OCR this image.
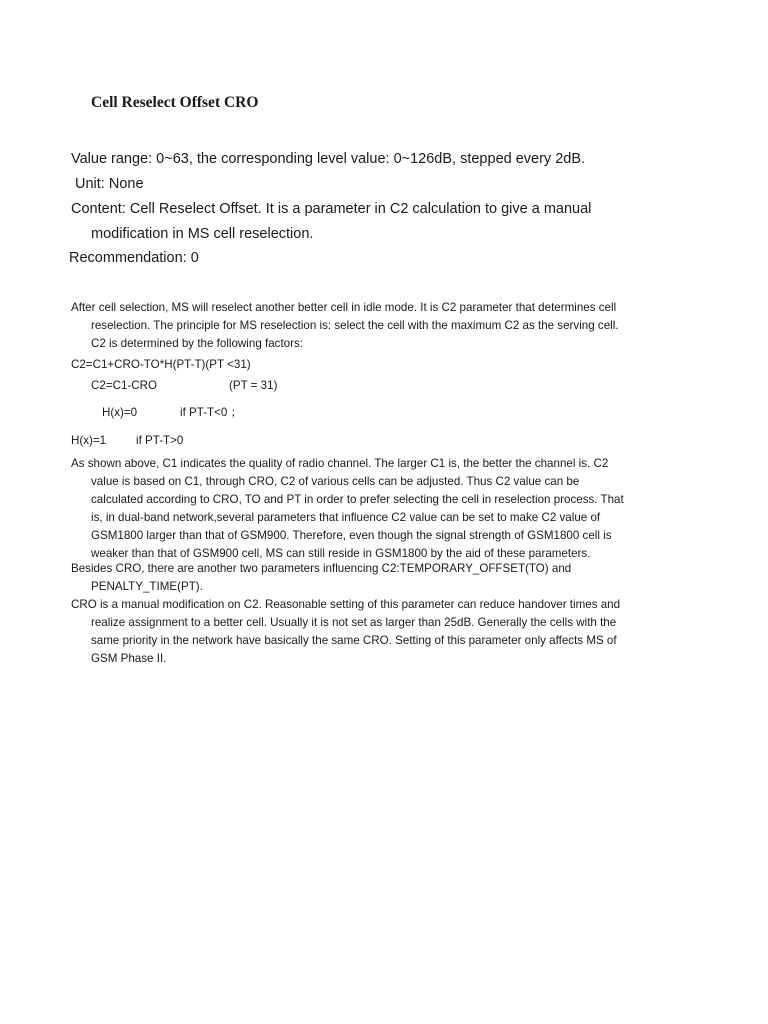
Cell Reselect Offset CRO
Value range: 0~63, the corresponding level value: 0~126dB, stepped every 2dB.
Unit: None
Content: Cell Reselect Offset. It is a parameter in C2 calculation to give a manual
modification in MS cell reselection.
Recommendation: 0
After cell selection, MS will reselect another better cell in idle mode. It is C2 parameter that determines cell
reselection. The principle for MS reselection is: select the cell with the maximum C2 as the serving cell.
C2 is determined by the following factors:
C2=C1+CRO-TO*H(PT-T)(PT <31)
C2=C1-CRO	(PT = 31)
H(x)=0	if PT-T<0 ；
H(x)=1	if PT-T>0
As shown above, C1 indicates the quality of radio channel. The larger C1 is, the better the channel is. C2
value is based on C1, through CRO, C2 of various cells can be adjusted. Thus C2 value can be
calculated according to CRO, TO and PT in order to prefer selecting the cell in reselection process. That
is, in dual-band network,several parameters that influence C2 value can be set to make C2 value of
GSM1800 larger than that of GSM900. Therefore, even though the signal strength of GSM1800 cell is
weaker than that of GSM900 cell, MS can still reside in GSM1800 by the aid of these parameters.
Besides CRO, there are another two parameters influencing C2:TEMPORARY_OFFSET(TO) and
PENALTY_TIME(PT).
CRO is a manual modification on C2. Reasonable setting of this parameter can reduce handover times and
realize assignment to a better cell. Usually it is not set as larger than 25dB. Generally the cells with the
same priority in the network have basically the same CRO. Setting of this parameter only affects MS of
GSM Phase II.
